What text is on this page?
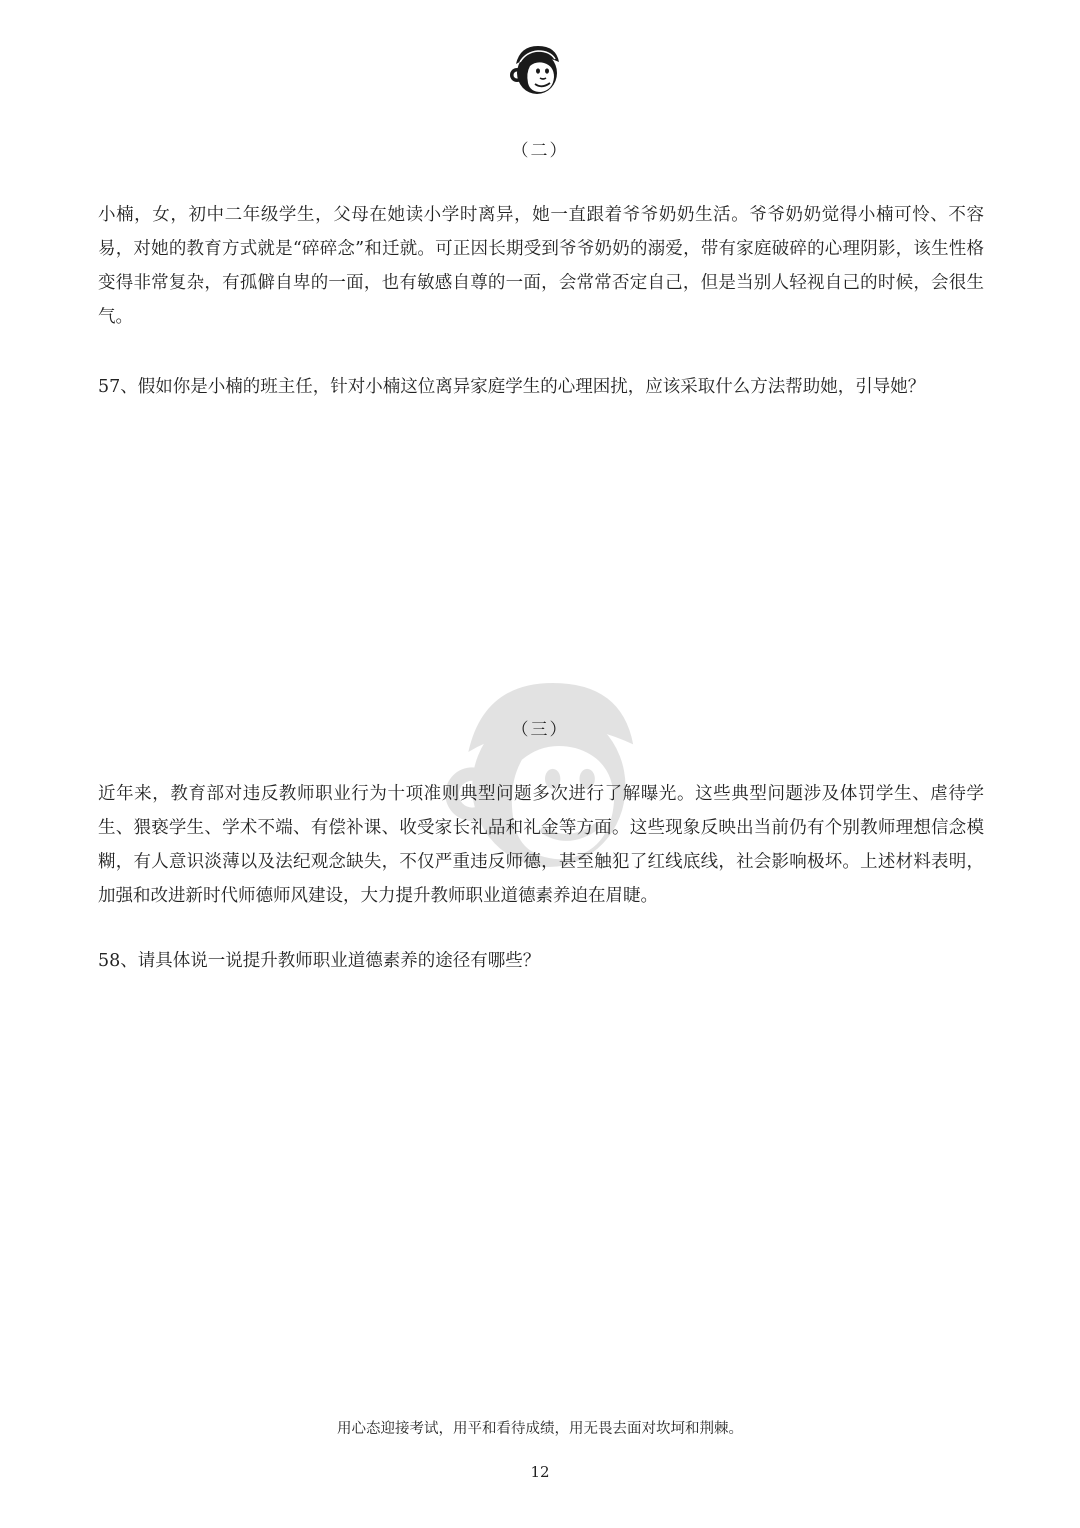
（二）

小楠，女，初中二年级学生，父母在她读小学时离异，她一直跟着爷爷奶奶生活。爷爷奶奶觉得小楠可怜、不容易，对她的教育方式就是“碎碎念”和迁就。可正因长期受到爷爷奶奶的溺爱，带有家庭破碎的心理阴影，该生性格变得非常复杂，有孤僻自卑的一面，也有敏感自尊的一面，会常常否定自己，但是当别人轻视自己的时候，会很生气。

57、假如你是小楠的班主任，针对小楠这位离异家庭学生的心理困扰，应该采取什么方法帮助她，引导她？

（三）

近年来，教育部对违反教师职业行为十项准则典型问题多次进行了解曝光。这些典型问题涉及体罚学生、虐待学生、猥亵学生、学术不端、有偿补课、收受家长礼品和礼金等方面。这些现象反映出当前仍有个别教师理想信念模糊，有人意识淡薄以及法纪观念缺失，不仅严重违反师德，甚至触犯了红线底线，社会影响极坏。上述材料表明，加强和改进新时代师德师风建设，大力提升教师职业道德素养迫在眉睫。

58、请具体说一说提升教师职业道德素养的途径有哪些？

用心态迎接考试，用平和看待成绩，用无畏去面对坎坷和荆棘。
12
